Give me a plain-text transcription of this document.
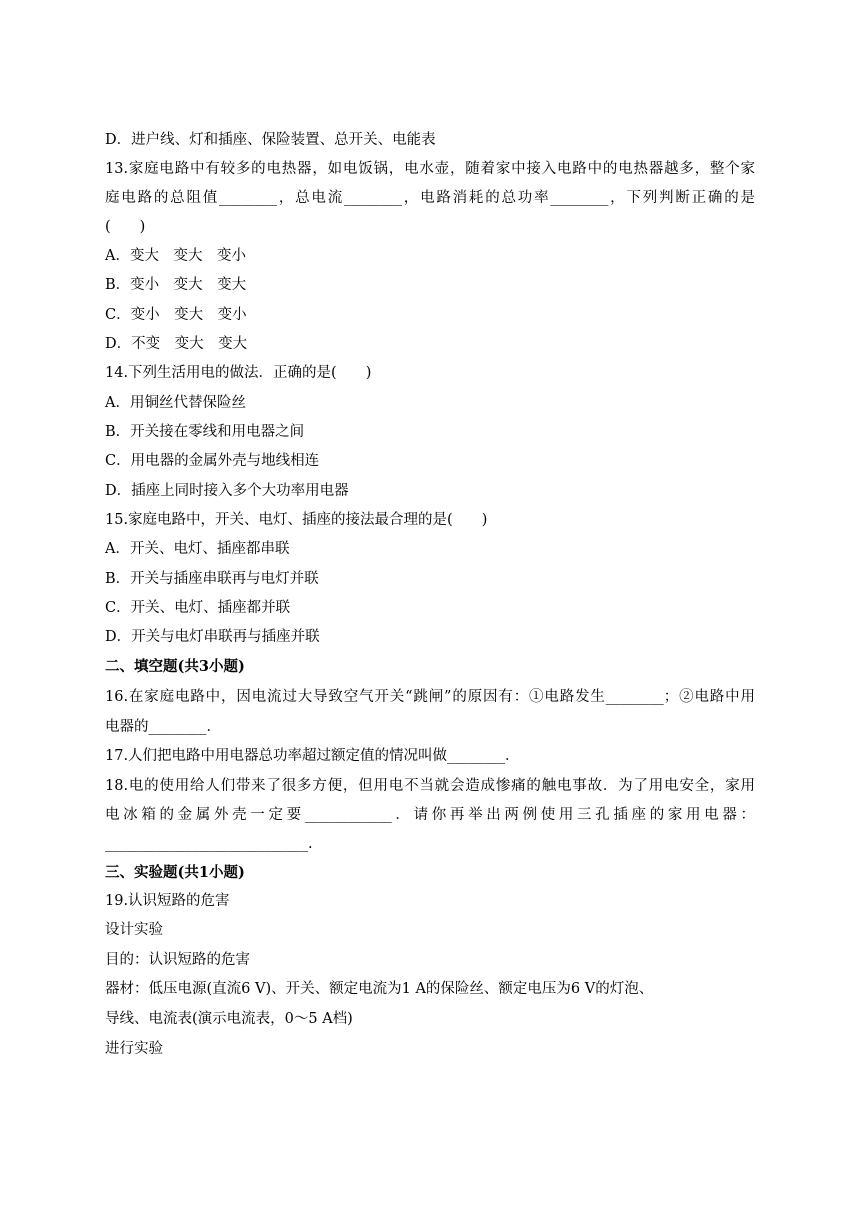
D．进户线、灯和插座、保险装置、总开关、电能表
13.家庭电路中有较多的电热器，如电饭锅，电水壶，随着家中接入电路中的电热器越多，整个家
庭电路的总阻值________，总电流________，电路消耗的总功率________，下列判断正确的是
(　　)
A．变大　变大　变小
B．变小　变大　变大
C．变小　变大　变小
D．不变　变大　变大
14.下列生活用电的做法．正确的是(　　)
A．用铜丝代替保险丝
B．开关接在零线和用电器之间
C．用电器的金属外壳与地线相连
D．插座上同时接入多个大功率用电器
15.家庭电路中，开关、电灯、插座的接法最合理的是(　　)
A．开关、电灯、插座都串联
B．开关与插座串联再与电灯并联
C．开关、电灯、插座都并联
D．开关与电灯串联再与插座并联
二、填空题(共3小题)
16.在家庭电路中，因电流过大导致空气开关“跳闸”的原因有：①电路发生________；②电路中用
电器的________．
17.人们把电路中用电器总功率超过额定值的情况叫做________．
18.电的使用给人们带来了很多方便，但用电不当就会造成惨痛的触电事故．为了用电安全，家用
电冰箱的金属外壳一定要____________．请你再举出两例使用三孔插座的家用电器：
____________________________.
三、实验题(共1小题)
19.认识短路的危害
设计实验
目的：认识短路的危害
器材：低压电源(直流6 V)、开关、额定电流为1 A的保险丝、额定电压为6 V的灯泡、
导线、电流表(演示电流表，0～5 A档)
进行实验
